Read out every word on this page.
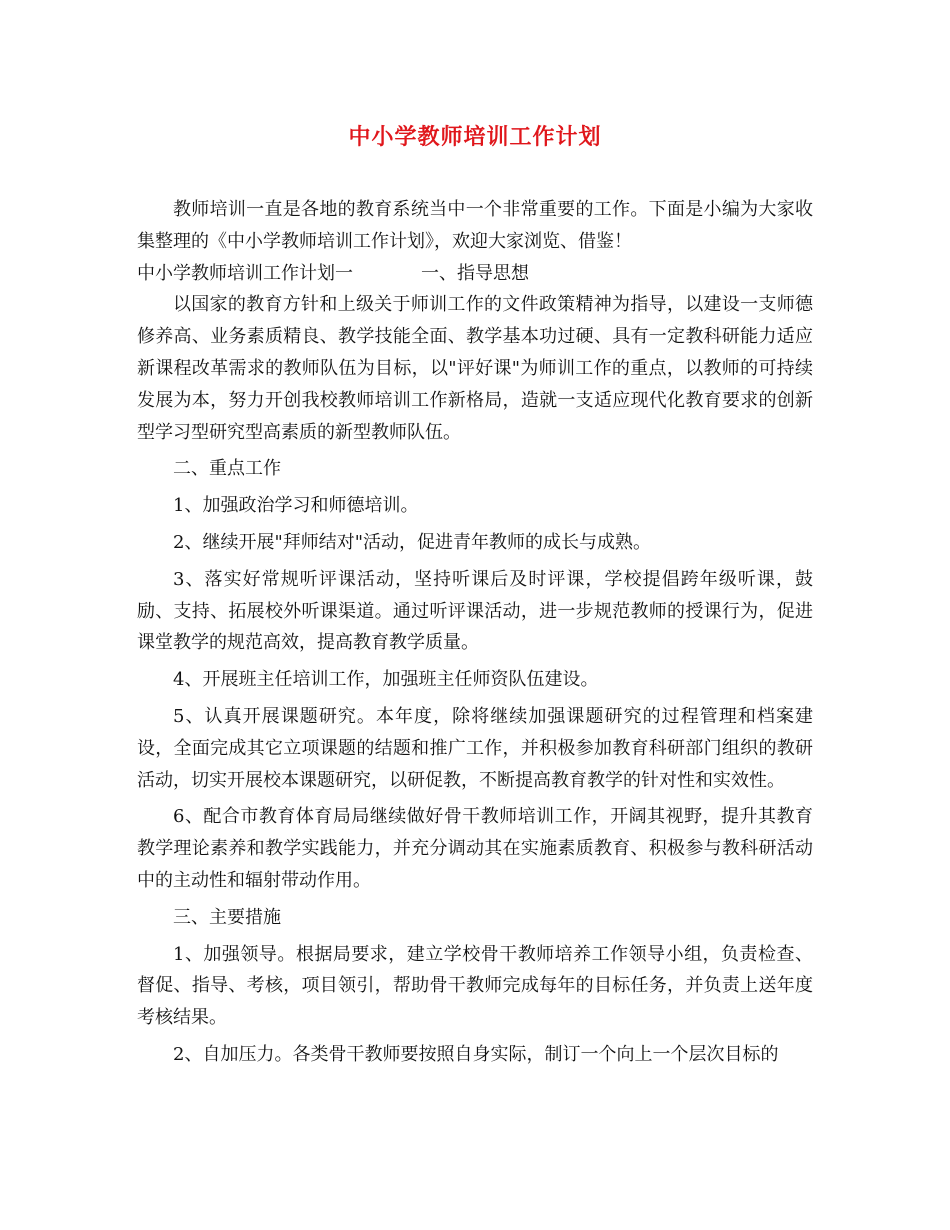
中小学教师培训工作计划

教师培训一直是各地的教育系统当中一个非常重要的工作。下面是小编为大家收集整理的《中小学教师培训工作计划》，欢迎大家浏览、借鉴！

中小学教师培训工作计划一	一、指导思想

以国家的教育方针和上级关于师训工作的文件政策精神为指导，以建设一支师德修养高、业务素质精良、教学技能全面、教学基本功过硬、具有一定教科研能力适应新课程改革需求的教师队伍为目标，以"评好课"为师训工作的重点，以教师的可持续发展为本，努力开创我校教师培训工作新格局，造就一支适应现代化教育要求的创新型学习型研究型高素质的新型教师队伍。

二、重点工作

1、加强政治学习和师德培训。

2、继续开展"拜师结对"活动，促进青年教师的成长与成熟。

3、落实好常规听评课活动，坚持听课后及时评课，学校提倡跨年级听课，鼓励、支持、拓展校外听课渠道。通过听评课活动，进一步规范教师的授课行为，促进课堂教学的规范高效，提高教育教学质量。

4、开展班主任培训工作，加强班主任师资队伍建设。

5、认真开展课题研究。本年度，除将继续加强课题研究的过程管理和档案建设，全面完成其它立项课题的结题和推广工作，并积极参加教育科研部门组织的教研活动，切实开展校本课题研究，以研促教，不断提高教育教学的针对性和实效性。

6、配合市教育体育局局继续做好骨干教师培训工作，开阔其视野，提升其教育教学理论素养和教学实践能力，并充分调动其在实施素质教育、积极参与教科研活动中的主动性和辐射带动作用。

三、主要措施

1、加强领导。根据局要求，建立学校骨干教师培养工作领导小组，负责检查、督促、指导、考核，项目领引，帮助骨干教师完成每年的目标任务，并负责上送年度考核结果。

2、自加压力。各类骨干教师要按照自身实际，制订一个向上一个层次目标的
